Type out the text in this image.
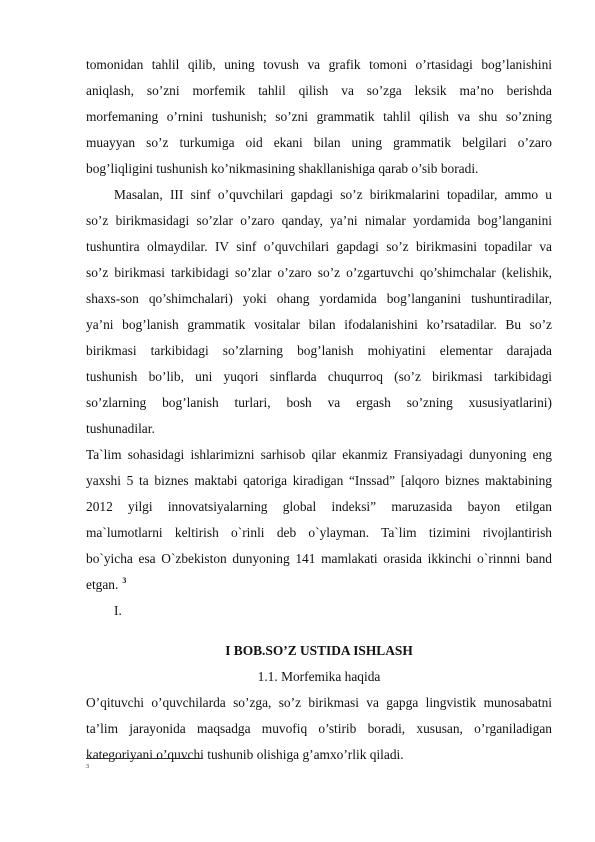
tomonidan tahlil qilib, uning tovush va grafik tomoni o’rtasidagi bog’lanishini
aniqlash, so’zni morfemik tahlil qilish va so’zga leksik ma’no berishda
morfemaning o’rnini tushunish; so’zni grammatik tahlil qilish va shu so’zning
muayyan so’z turkumiga oid ekani bilan uning grammatik belgilari o’zaro
bog’liqligini tushunish ko’nikmasining shakllanishiga qarab o’sib boradi.
Masalan, III sinf o’quvchilari gapdagi so’z birikmalarini topadilar, ammo u
so’z birikmasidagi so’zlar o’zaro qanday, ya’ni nimalar yordamida bog’langanini
tushuntira olmaydilar. IV sinf o’quvchilari gapdagi so’z birikmasini topadilar va
so’z birikmasi tarkibidagi so’zlar o’zaro so’z o’zgartuvchi qo’shimchalar (kelishik,
shaxs-son qo’shimchalari) yoki ohang yordamida bog’langanini tushuntiradilar,
ya’ni bog’lanish grammatik vositalar bilan ifodalanishini ko’rsatadilar. Bu so’z
birikmasi tarkibidagi so’zlarning bog’lanish mohiyatini elementar darajada
tushunish bo’lib, uni yuqori sinflarda chuqurroq (so’z birikmasi tarkibidagi
so’zlarning bog’lanish turlari, bosh va ergash so’zning xususiyatlarini)
tushunadilar.
Ta`lim sohasidagi ishlarimizni sarhisob qilar ekanmiz Fransiyadagi dunyoning eng
yaxshi 5 ta biznes maktabi qatoriga kiradigan “Inssad” [alqoro biznes maktabining
2012 yilgi innovatsiyalarning global indeksi” maruzasida bayon etilgan
ma`lumotlarni keltirish o`rinli deb o`ylayman. Ta`lim tizimini rivojlantirish
bo`yicha esa O`zbekiston dunyoning 141 mamlakati orasida ikkinchi o`rinnni band
etgan. $^3$
I.
I BOB.SO’Z USTIDA ISHLASH
1.1. Morfemika haqida
O’qituvchi o’quvchilarda so’zga, so’z birikmasi va gapga lingvistik munosabatni
ta’lim jarayonida maqsadga muvofiq o’stirib boradi, xususan, o’rganiladigan
kategoriyani o’quvchi tushunib olishiga g’amxo’rlik qiladi.
3
